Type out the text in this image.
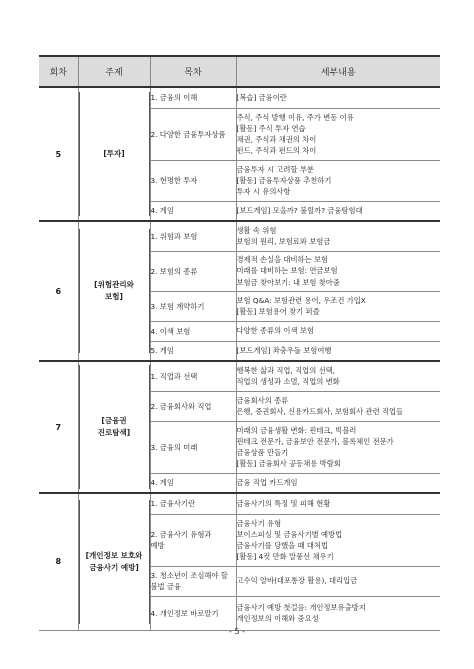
회차	주제	목차	세부내용
5	[투자]	1. 금융의 이해	[복습] 금융이란
		2. 다양한 금융투자상품	주식, 주식 발행 이유, 주가 변동 이유
[활동] 주식 투자 연습
채권, 주식과 채권의 차이
펀드, 주식과 펀드의 차이
		3. 현명한 투자	금융투자 시 고려할 부분
[활동] 금융투자상품 추천하기
투자 시 유의사항
		4. 게임	[보드게임] 모을까? 불릴까? 금융탐험대
6	[위험관리와
보험]	1. 위험과 보험	생활 속 위험
보험의 원리, 보험료와 보험금
		2. 보험의 종류	경제적 손실을 대비하는 보험
미래를 대비하는 보험: 연금보험
보험금 찾아보기: 내 보험 찾아줌
		3. 보험 계약하기	보험 Q&A: 보험관련 용어, 우조건 가입X
[활동] 보험용어 찾기 퍼즐
		4. 이색 보험	다양한 종류의 이색 보험
		5. 게임	[보드게임] 좌충우돌 보험여행
7	[금융권
진로탐색]	1. 직업과 선택	행복한 삶과 직업, 직업의 선택,
직업의 생성과 소멸, 직업의 변화
		2. 금융회사와 직업	금융회사의 종류
은행, 증권회사, 신용카드회사, 보험회사 관련 직업들
		3. 금융의 미래	미래의 금융생활 변화: 핀테크, 빅블러
핀테크 전문가, 금융보안 전문가, 블록체인 전문가
금융상품 만들기
[활동] 금융회사 공동채용 박람회
		4. 게임	금융 직업 카드게임
8	[개인정보 보호와
금융사기 예방]	1. 금융사기란	금융사기의 특징 및 피해 현황
		2. 금융사기 유형과
예방	금융사기 유형
보이스피싱 및 금융사기별 예방법
금융사기를 당했을 때 대처법
[활동] 4컷 만화 말풍선 채우기
		3. 청소년이 조심해야 할
불법 금융	고수익 알바(대포통장 활용), 대리입금
		4. 개인정보 바로알기	금융사기 예방 첫걸음: 개인정보유출방지
개인정보의 이해와 중요성
- 5 -
